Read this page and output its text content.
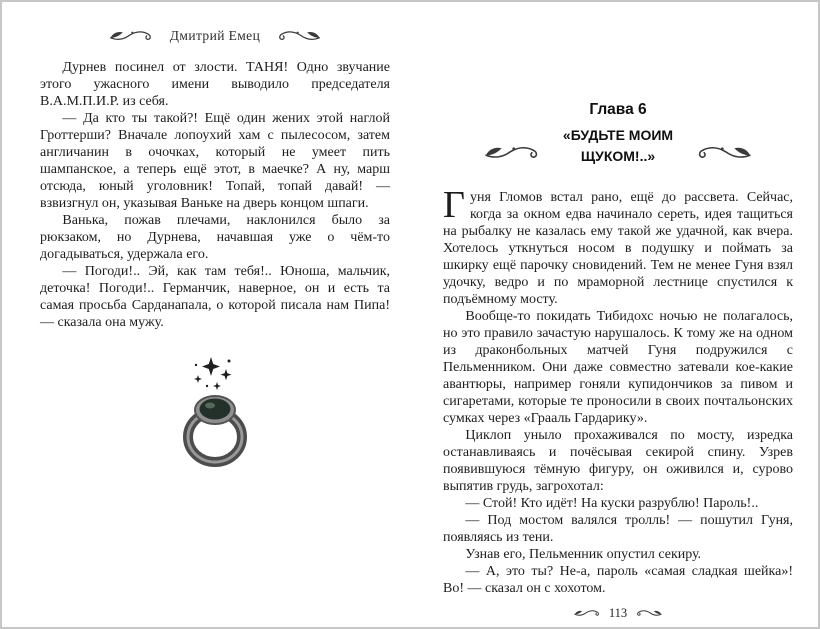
Дмитрий Емец

Дурнев посинел от злости. ТАНЯ! Одно звучание этого ужасного имени выводило председателя В.А.М.П.И.Р. из себя.

— Да кто ты такой?! Ещё один жених этой наглой Гроттерши? Вначале лопоухий хам с пылесосом, затем англичанин в очочках, который не умеет пить шампанское, а теперь ещё этот, в маечке? А ну, марш отсюда, юный уголовник! Топай, топай давай! — взвизгнул он, указывая Ваньке на дверь концом шпаги.

Ванька, пожав плечами, наклонился было за рюкзаком, но Дурнева, начавшая уже о чём-то догадываться, удержала его.

— Погоди!.. Эй, как там тебя!.. Юноша, мальчик, деточка! Погоди!.. Германчик, наверное, он и есть та самая просьба Сарданапала, о которой писала нам Пипа! — сказала она мужу.

Глава 6
«БУДЬТЕ МОИМ ЩУКОМ!..»

Гуня Гломов встал рано, ещё до рассвета. Сейчас, когда за окном едва начинало сереть, идея тащиться на рыбалку не казалась ему такой же удачной, как вчера. Хотелось уткнуться носом в подушку и поймать за шкирку ещё парочку сновидений. Тем не менее Гуня взял удочку, ведро и по мраморной лестнице спустился к подъёмному мосту.

Вообще-то покидать Тибидохс ночью не полагалось, но это правило зачастую нарушалось. К тому же на одном из драконбольных матчей Гуня подружился с Пельменником. Они даже совместно затевали кое-какие авантюры, например гоняли купидончиков за пивом и сигаретами, которые те проносили в своих почтальонских сумках через «Грааль Гардарику».

Циклоп уныло прохаживался по мосту, изредка останавливаясь и почёсывая секирой спину. Узрев появившуюся тёмную фигуру, он оживился и, сурово выпятив грудь, загрохотал:

— Стой! Кто идёт! На куски разрублю! Пароль!..

— Под мостом валялся тролль! — пошутил Гуня, появляясь из тени.

Узнав его, Пельменник опустил секиру.

— А, это ты? Не-а, пароль «самая сладкая шейка»! Во! — сказал он с хохотом.

113
